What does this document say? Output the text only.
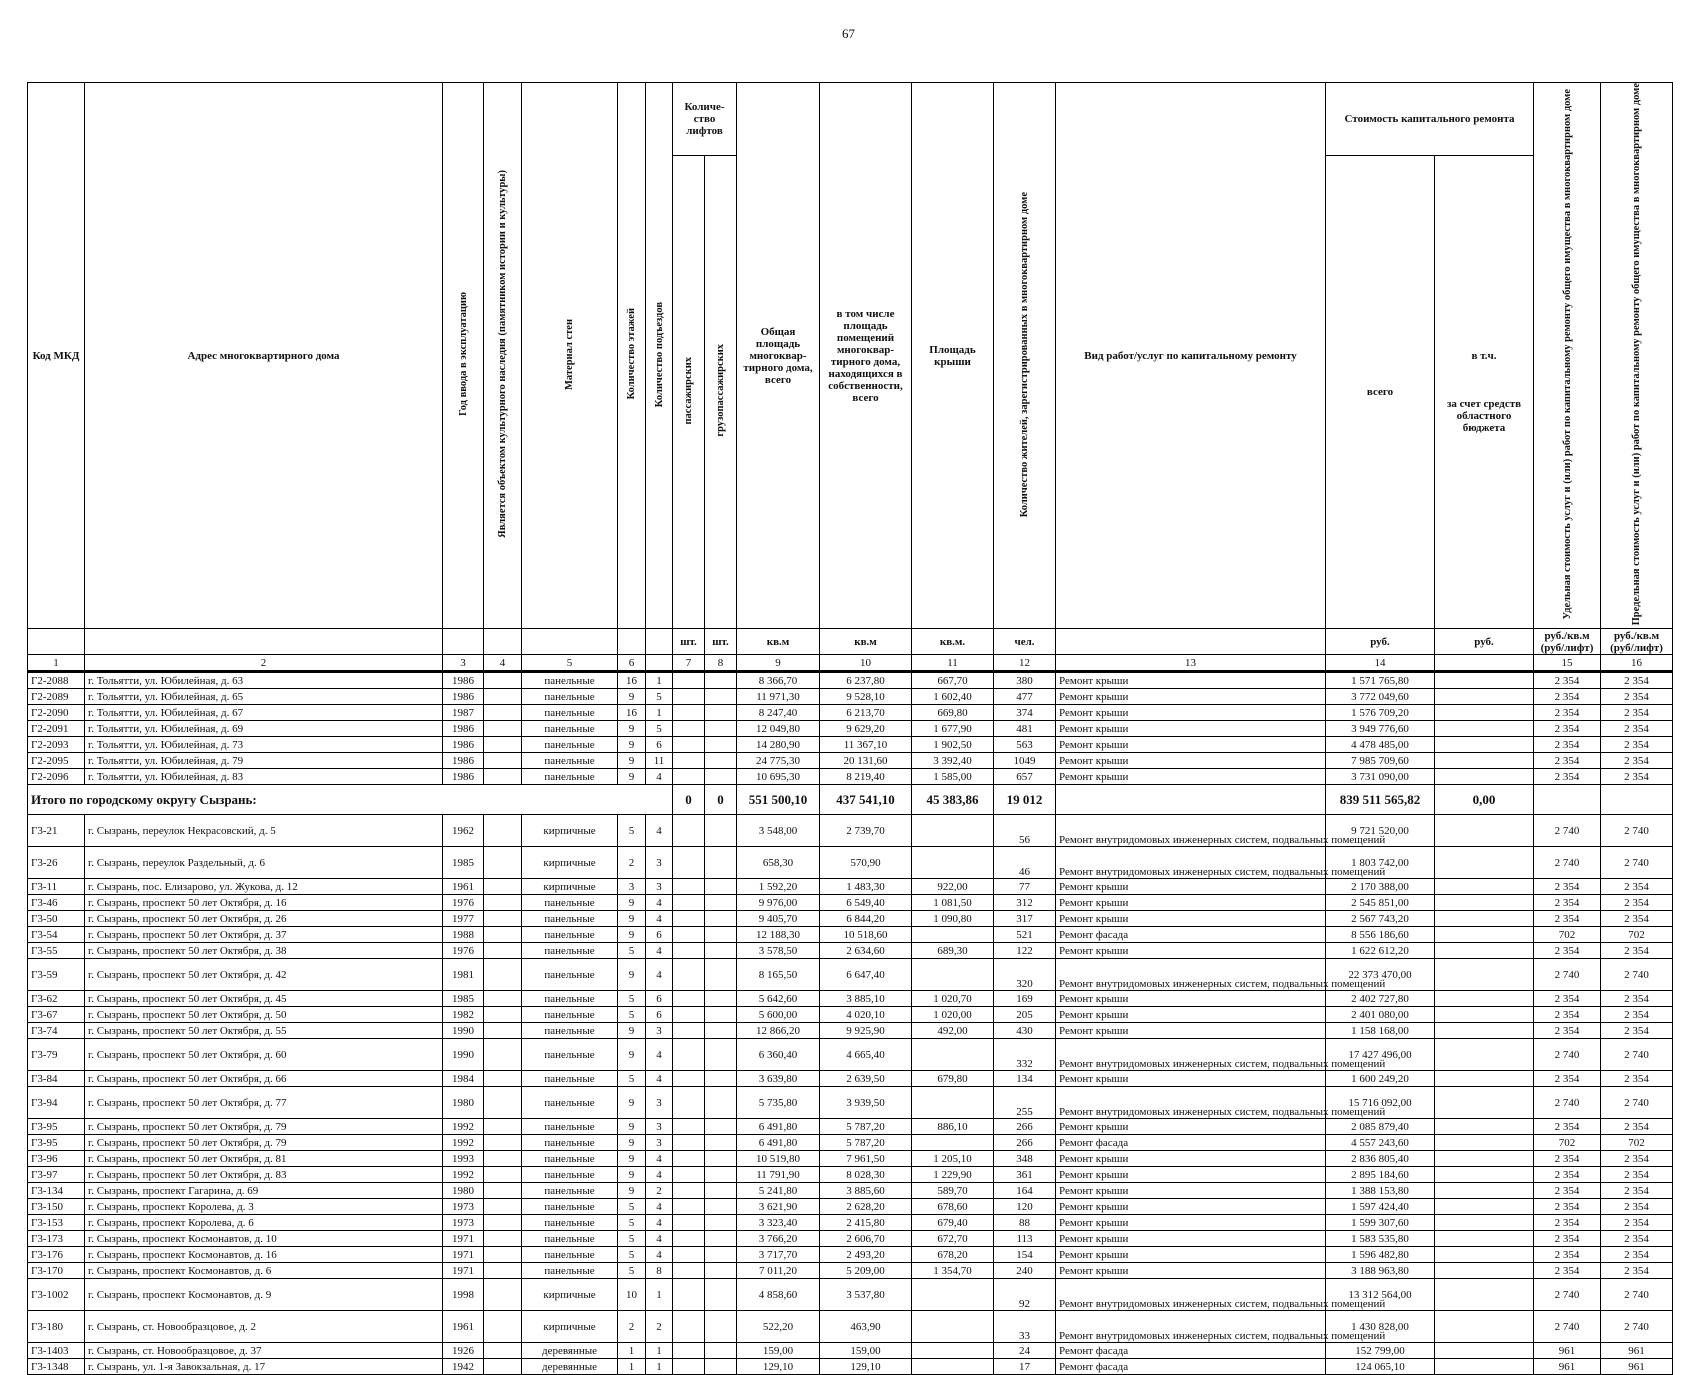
67
Код МКД	Адрес многоквартирного дома	Год ввода в эксплуатацию	Является объектом культурного наследия (памятником истории и культуры)	Материал стен	Количество этажей	Количество подъездов	Количе-ство лифтов		Общая площадь многоквар-тирного дома, всего	в том числе площадь помещений многоквар-тирного дома, находящихся в собственности, всего	Площадь крыши	Количество жителей, зарегистрированных в многоквартирном доме	Вид работ/услуг по капитальному ремонту	Стоимость капитального ремонта		Удельная стоимость услуг и (или) работ по капитальному ремонту общего имущества в многоквартирном доме	Предельная стоимость услуг и (или) работ по капитальному ремонту общего имущества в многоквартирном доме
							пассажирских	грузопассажирских						всего	в т.ч.

за счет средств областного бюджета		
							шт.	шт.	кв.м	кв.м	кв.м.	чел.		руб.	руб.	руб./кв.м (руб/лифт)	руб./кв.м (руб/лифт)
1	2	3	4	5	6		7	8	9	10	11	12	13	14		15	16
Г2-2088	г. Тольятти, ул. Юбилейная, д. 63	1986		панельные	16	1			8 366,70	6 237,80	667,70	380	Ремонт крыши	1 571 765,80		2 354	2 354
Г2-2089	г. Тольятти, ул. Юбилейная, д. 65	1986		панельные	9	5			11 971,30	9 528,10	1 602,40	477	Ремонт крыши	3 772 049,60		2 354	2 354
Г2-2090	г. Тольятти, ул. Юбилейная, д. 67	1987		панельные	16	1			8 247,40	6 213,70	669,80	374	Ремонт крыши	1 576 709,20		2 354	2 354
Г2-2091	г. Тольятти, ул. Юбилейная, д. 69	1986		панельные	9	5			12 049,80	9 629,20	1 677,90	481	Ремонт крыши	3 949 776,60		2 354	2 354
Г2-2093	г. Тольятти, ул. Юбилейная, д. 73	1986		панельные	9	6			14 280,90	11 367,10	1 902,50	563	Ремонт крыши	4 478 485,00		2 354	2 354
Г2-2095	г. Тольятти, ул. Юбилейная, д. 79	1986		панельные	9	11			24 775,30	20 131,60	3 392,40	1049	Ремонт крыши	7 985 709,60		2 354	2 354
Г2-2096	г. Тольятти, ул. Юбилейная, д. 83	1986		панельные	9	4			10 695,30	8 219,40	1 585,00	657	Ремонт крыши	3 731 090,00		2 354	2 354
Итого по городскому округу Сызрань:							0	0	551 500,10	437 541,10	45 383,86	19 012		839 511 565,82	0,00		
Г3-21	г. Сызрань, переулок Некрасовский, д. 5	1962		кирпичные	5	4			3 548,00	2 739,70		56	Ремонт внутридомовых инженерных систем, подвальных помещений	9 721 520,00		2 740	2 740
Г3-26	г. Сызрань, переулок Раздельный, д. 6	1985		кирпичные	2	3			658,30	570,90		46	Ремонт внутридомовых инженерных систем, подвальных помещений	1 803 742,00		2 740	2 740
Г3-11	г. Сызрань, пос. Елизарово, ул. Жукова, д. 12	1961		кирпичные	3	3			1 592,20	1 483,30	922,00	77	Ремонт крыши	2 170 388,00		2 354	2 354
Г3-46	г. Сызрань, проспект 50 лет Октября, д. 16	1976		панельные	9	4			9 976,00	6 549,40	1 081,50	312	Ремонт крыши	2 545 851,00		2 354	2 354
Г3-50	г. Сызрань, проспект 50 лет Октября, д. 26	1977		панельные	9	4			9 405,70	6 844,20	1 090,80	317	Ремонт крыши	2 567 743,20		2 354	2 354
Г3-54	г. Сызрань, проспект 50 лет Октября, д. 37	1988		панельные	9	6			12 188,30	10 518,60		521	Ремонт фасада	8 556 186,60		702	702
Г3-55	г. Сызрань, проспект 50 лет Октября, д. 38	1976		панельные	5	4			3 578,50	2 634,60	689,30	122	Ремонт крыши	1 622 612,20		2 354	2 354
Г3-59	г. Сызрань, проспект 50 лет Октября, д. 42	1981		панельные	9	4			8 165,50	6 647,40		320	Ремонт внутридомовых инженерных систем, подвальных помещений	22 373 470,00		2 740	2 740
Г3-62	г. Сызрань, проспект 50 лет Октября, д. 45	1985		панельные	5	6			5 642,60	3 885,10	1 020,70	169	Ремонт крыши	2 402 727,80		2 354	2 354
Г3-67	г. Сызрань, проспект 50 лет Октября, д. 50	1982		панельные	5	6			5 600,00	4 020,10	1 020,00	205	Ремонт крыши	2 401 080,00		2 354	2 354
Г3-74	г. Сызрань, проспект 50 лет Октября, д. 55	1990		панельные	9	3			12 866,20	9 925,90	492,00	430	Ремонт крыши	1 158 168,00		2 354	2 354
Г3-79	г. Сызрань, проспект 50 лет Октября, д. 60	1990		панельные	9	4			6 360,40	4 665,40		332	Ремонт внутридомовых инженерных систем, подвальных помещений	17 427 496,00		2 740	2 740
Г3-84	г. Сызрань, проспект 50 лет Октября, д. 66	1984		панельные	5	4			3 639,80	2 639,50	679,80	134	Ремонт крыши	1 600 249,20		2 354	2 354
Г3-94	г. Сызрань, проспект 50 лет Октября, д. 77	1980		панельные	9	3			5 735,80	3 939,50		255	Ремонт внутридомовых инженерных систем, подвальных помещений	15 716 092,00		2 740	2 740
Г3-95	г. Сызрань, проспект 50 лет Октября, д. 79	1992		панельные	9	3			6 491,80	5 787,20	886,10	266	Ремонт крыши	2 085 879,40		2 354	2 354
Г3-95	г. Сызрань, проспект 50 лет Октября, д. 79	1992		панельные	9	3			6 491,80	5 787,20		266	Ремонт фасада	4 557 243,60		702	702
Г3-96	г. Сызрань, проспект 50 лет Октября, д. 81	1993		панельные	9	4			10 519,80	7 961,50	1 205,10	348	Ремонт крыши	2 836 805,40		2 354	2 354
Г3-97	г. Сызрань, проспект 50 лет Октября, д. 83	1992		панельные	9	4			11 791,90	8 028,30	1 229,90	361	Ремонт крыши	2 895 184,60		2 354	2 354
Г3-134	г. Сызрань, проспект Гагарина, д. 69	1980		панельные	9	2			5 241,80	3 885,60	589,70	164	Ремонт крыши	1 388 153,80		2 354	2 354
Г3-150	г. Сызрань, проспект Королева, д. 3	1973		панельные	5	4			3 621,90	2 628,20	678,60	120	Ремонт крыши	1 597 424,40		2 354	2 354
Г3-153	г. Сызрань, проспект Королева, д. 6	1973		панельные	5	4			3 323,40	2 415,80	679,40	88	Ремонт крыши	1 599 307,60		2 354	2 354
Г3-173	г. Сызрань, проспект Космонавтов, д. 10	1971		панельные	5	4			3 766,20	2 606,70	672,70	113	Ремонт крыши	1 583 535,80		2 354	2 354
Г3-176	г. Сызрань, проспект Космонавтов, д. 16	1971		панельные	5	4			3 717,70	2 493,20	678,20	154	Ремонт крыши	1 596 482,80		2 354	2 354
Г3-170	г. Сызрань, проспект Космонавтов, д. 6	1971		панельные	5	8			7 011,20	5 209,00	1 354,70	240	Ремонт крыши	3 188 963,80		2 354	2 354
Г3-1002	г. Сызрань, проспект Космонавтов, д. 9	1998		кирпичные	10	1			4 858,60	3 537,80		92	Ремонт внутридомовых инженерных систем, подвальных помещений	13 312 564,00		2 740	2 740
Г3-180	г. Сызрань, ст. Новообразцовое, д. 2	1961		кирпичные	2	2			522,20	463,90		33	Ремонт внутридомовых инженерных систем, подвальных помещений	1 430 828,00		2 740	2 740
Г3-1403	г. Сызрань, ст. Новообразцовое, д. 37	1926		деревянные	1	1			159,00	159,00		24	Ремонт фасада	152 799,00		961	961
Г3-1348	г. Сызрань, ул. 1-я Завокзальная, д. 17	1942		деревянные	1	1			129,10	129,10		17	Ремонт фасада	124 065,10		961	961
